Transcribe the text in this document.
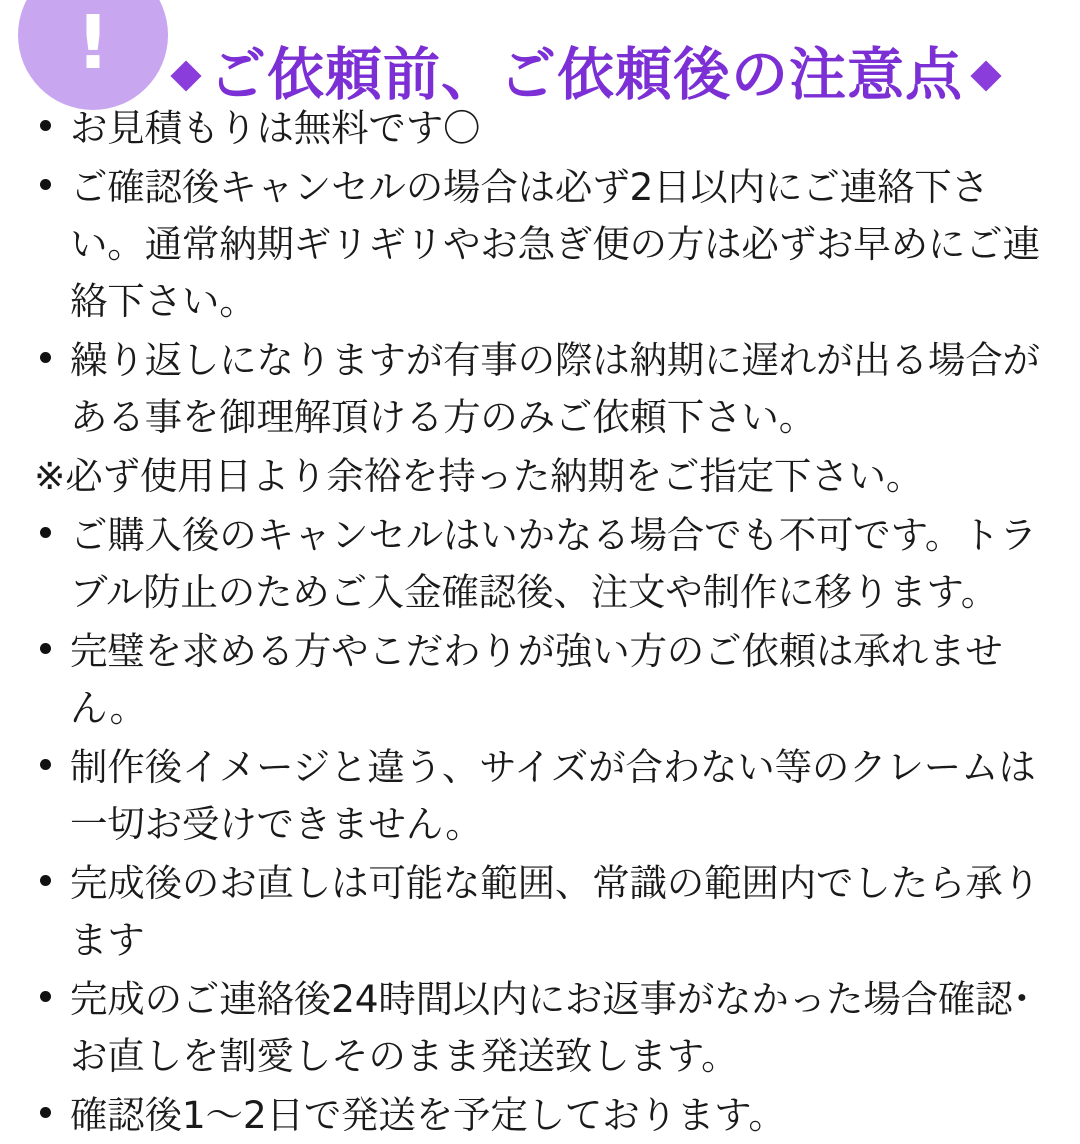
! ご依頼前、ご依頼後の注意点
お見積もりは無料です〇
ご確認後キャンセルの場合は必ず2日以内にご連絡下さい。通常納期ギリギリやお急ぎ便の方は必ずお早めにご連絡下さい。
繰り返しになりますが有事の際は納期に遅れが出る場合がある事を御理解頂ける方のみご依頼下さい。
※必ず使用日より余裕を持った納期をご指定下さい。
ご購入後のキャンセルはいかなる場合でも不可です。トラブル防止のためご入金確認後、注文や制作に移ります。
完璧を求める方やこだわりが強い方のご依頼は承れません。
制作後イメージと違う、サイズが合わない等のクレームは一切お受けできません。
完成後のお直しは可能な範囲、常識の範囲内でしたら承ります
完成のご連絡後24時間以内にお返事がなかった場合確認･お直しを割愛しそのまま発送致します。
確認後1〜2日で発送を予定しております。
